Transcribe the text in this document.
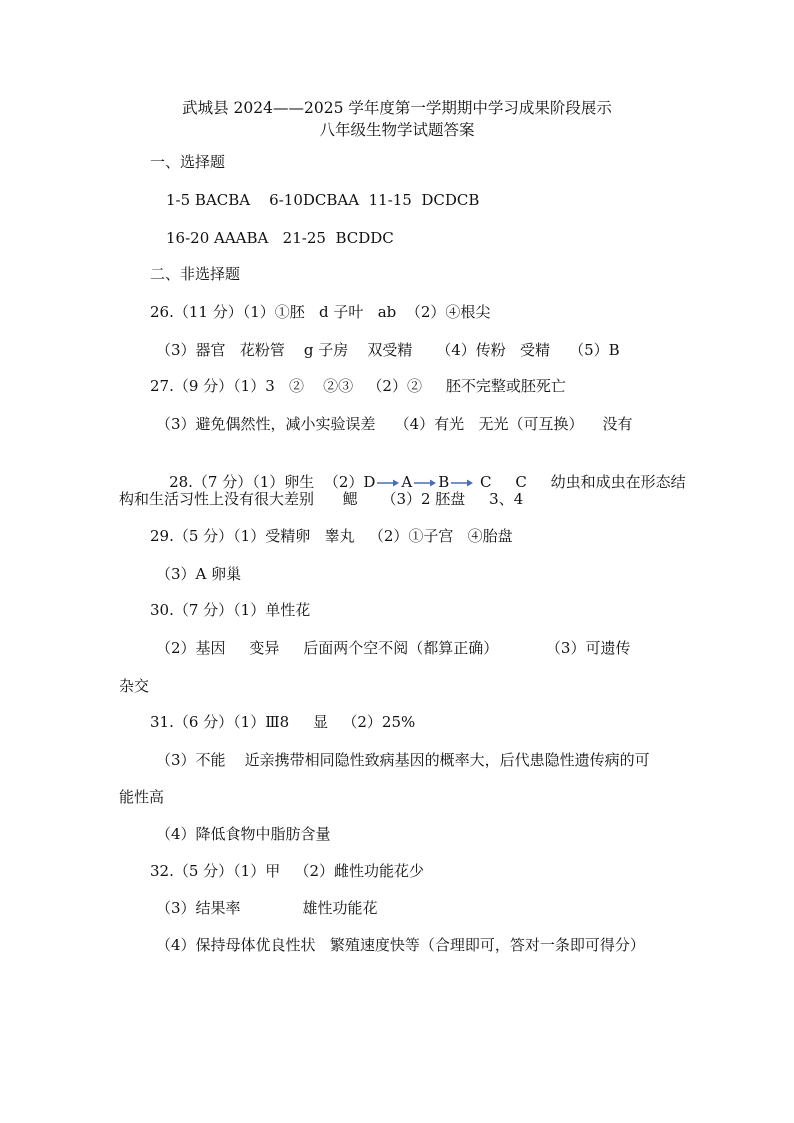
武城县 2024——2025 学年度第一学期期中学习成果阶段展示
八年级生物学试题答案
一、选择题
1-5 BACBA    6-10DCBAA  11-15  DCDCB
16-20 AAABA   21-25  BCDDC
二、非选择题
26.（11 分）（1）①胚   d 子叶   ab  （2）④根尖
（3）器官   花粉管    g 子房    双受精     （4）传粉   受精    （5）B
27.（9 分）（1）3   ②    ②③   （2）②     胚不完整或胚死亡
（3）避免偶然性，减小实验误差    （4）有光   无光（可互换）    没有

28.（7 分）（1）卵生  （2）D A B C     C     幼虫和成虫在形态结

构和生活习性上没有很大差别      鳃     （3）2 胚盘     3、4
29.（5 分）（1）受精卵   睾丸   （2）①子宫   ④胎盘
（3）A 卵巢
30.（7 分）（1）单性花
（2）基因     变异     后面两个空不阅（都算正确）          （3）可遗传
杂交
31.（6 分）（1）Ⅲ8     显   （2）25%
（3）不能    近亲携带相同隐性致病基因的概率大，后代患隐性遗传病的可
能性高
（4）降低食物中脂肪含量
32.（5 分）（1）甲   （2）雌性功能花少
（3）结果率             雄性功能花
（4）保持母体优良性状   繁殖速度快等（合理即可，答对一条即可得分）
